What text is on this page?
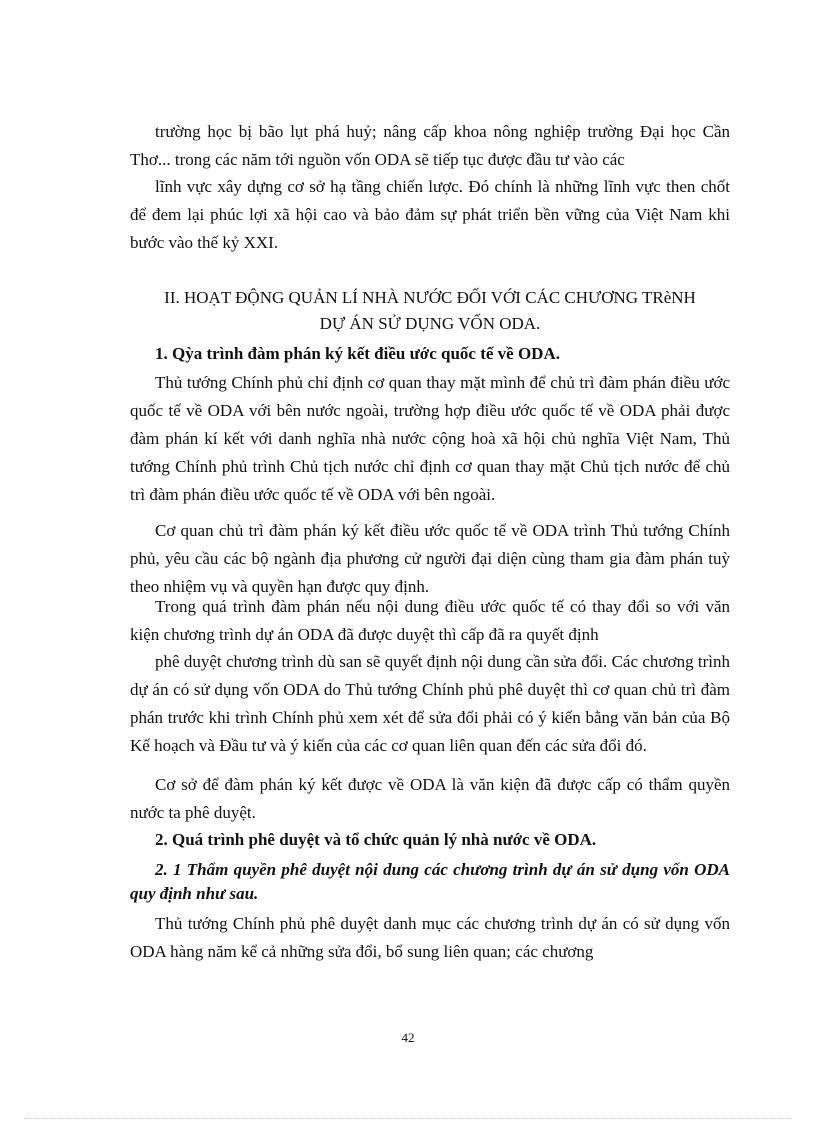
trường học bị bão lụt phá huỷ; nâng cấp khoa nông nghiệp trường Đại học Cần Thơ... trong các năm tới nguồn vốn ODA sẽ tiếp tục được đầu tư vào các

lĩnh vực xây dựng cơ sở hạ tầng chiến lược. Đó chính là những lĩnh vực then chốt để đem lại phúc lợi xã hội cao và bảo đảm sự phát triển bền vững của Việt Nam khi bước vào thế kỷ XXI.

II. HOẠT ĐỘNG QUẢN LÍ NHÀ NƯỚC ĐỐI VỚI CÁC CHƯƠNG TRèNH

DỰ ÁN SỬ DỤNG VỐN ODA.

1. Qỳa trình đàm phán ký kết điều ước quốc tế về ODA.

Thủ tướng Chính phủ chỉ định cơ quan thay mặt mình để chủ trì đàm phán điều ước quốc tế về ODA với bên nước ngoài, trường hợp điều ước quốc tế về ODA phải được đàm phán kí kết với danh nghĩa nhà nước cộng hoà xã hội chủ nghĩa Việt Nam, Thủ tướng Chính phủ trình Chủ tịch nước chỉ định cơ quan thay mặt Chủ tịch nước để chủ trì đàm phán điều ước quốc tế về ODA với bên ngoài.

Cơ quan chủ trì đàm phán ký kết điều ước quốc tế về ODA trình Thủ tướng Chính phủ, yêu cầu các bộ ngành địa phương cử người đại diện cùng tham gia đàm phán tuỳ theo nhiệm vụ và quyền hạn được quy định.

Trong quá trình đàm phán nếu nội dung điều ước quốc tế có thay đổi so với văn kiện chương trình dự án ODA đã được duyệt thì cấp đã ra quyết định

phê duyệt chương trình dù san sẽ quyết định nội dung cần sửa đổi. Các chương trình dự án có sử dụng vốn ODA do Thủ tướng Chính phủ phê duyệt thì cơ quan chủ trì đàm phán trước khi trình Chính phủ xem xét để sửa đổi phải có ý kiến bằng văn bản của Bộ Kế hoạch và Đầu tư và ý kiến của các cơ quan liên quan đến các sửa đổi đó.

Cơ sở để đàm phán ký kết được về ODA là văn kiện đã được cấp có thẩm quyền nước ta phê duyệt.

2. Quá trình phê duyệt và tổ chức quản lý nhà nước về ODA.

2. 1 Thẩm quyền phê duyệt nội dung các chương trình dự án sử dụng vốn ODA quy định như sau.

Thủ tướng Chính phủ phê duyệt danh mục các chương trình dự án có sử dụng vốn ODA hàng năm kể cả những sửa đổi, bổ sung liên quan; các chương

42
